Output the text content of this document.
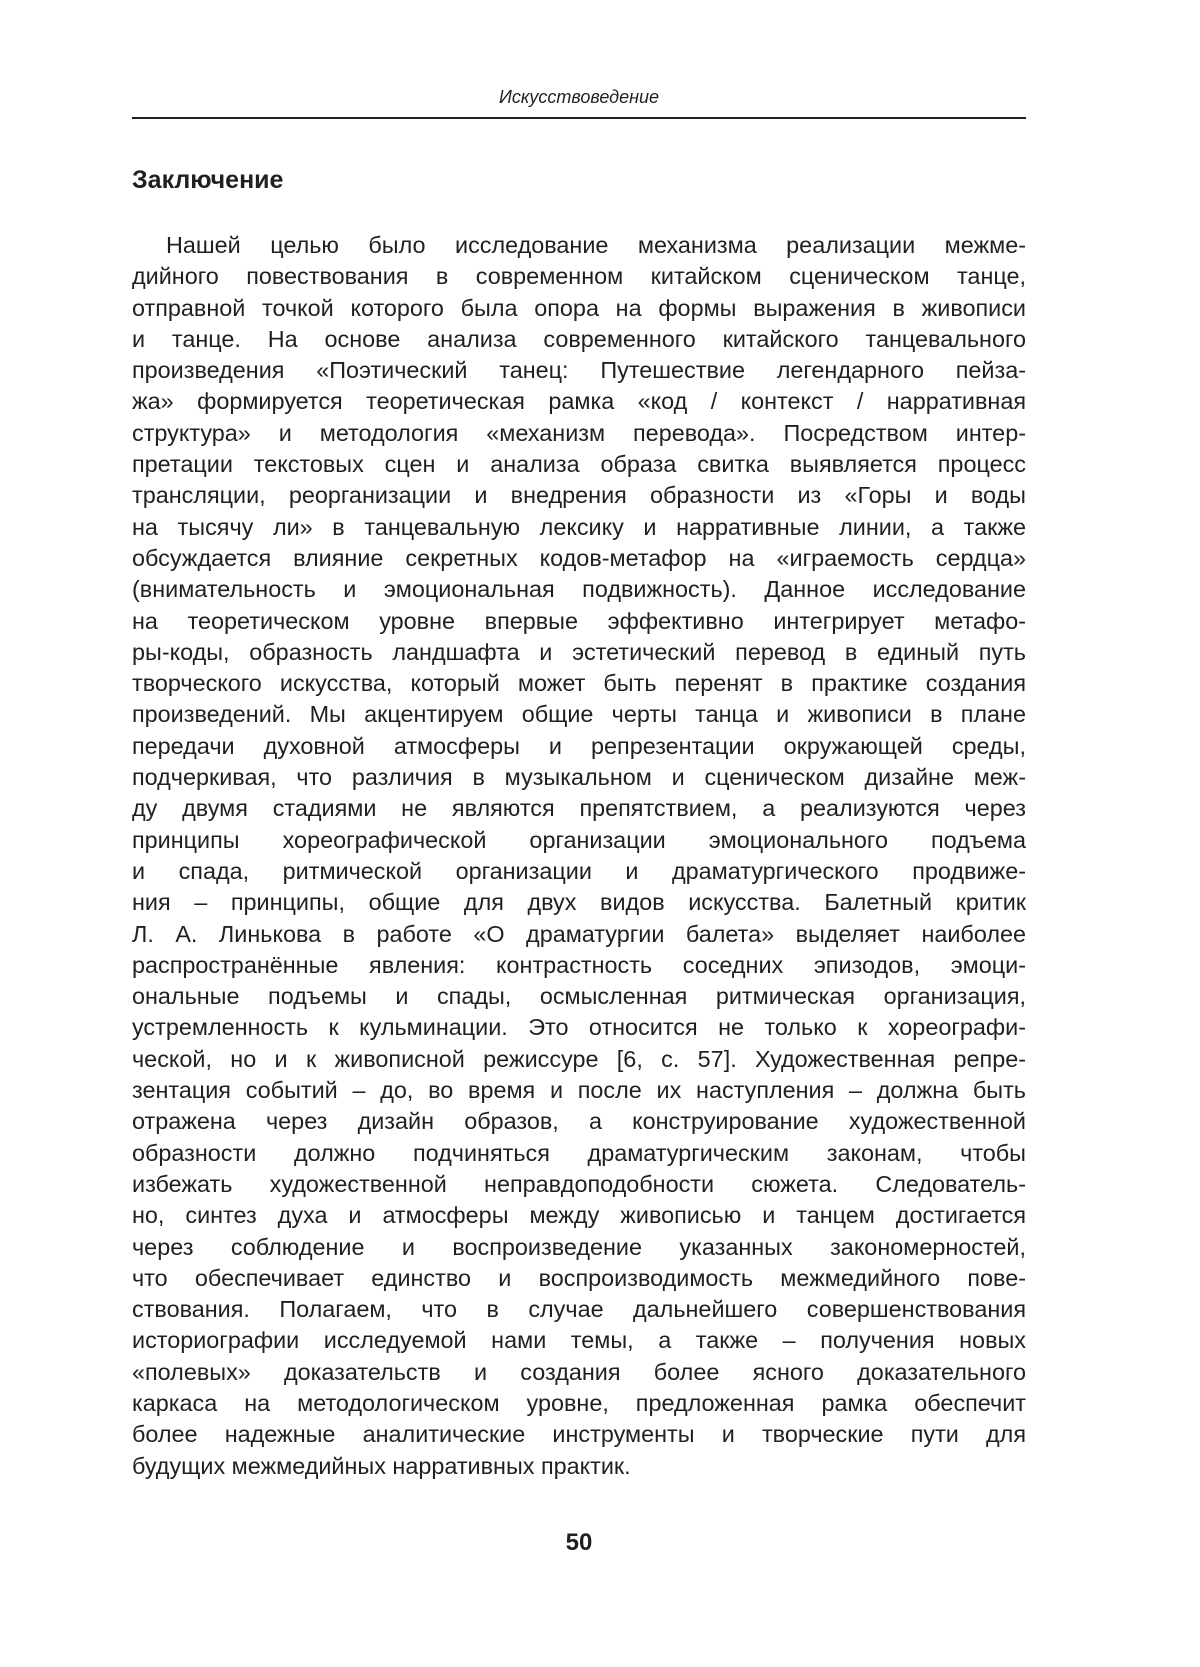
Искусствоведение
Заключение
Нашей целью было исследование механизма реализации межме-
дийного повествования в современном китайском сценическом танце,
отправной точкой которого была опора на формы выражения в живописи
и танце. На основе анализа современного китайского танцевального
произведения «Поэтический танец: Путешествие легендарного пейза-
жа» формируется теоретическая рамка «код / контекст / нарративная
структура» и методология «механизм перевода». Посредством интер-
претации текстовых сцен и анализа образа свитка выявляется процесс
трансляции, реорганизации и внедрения образности из «Горы и воды
на тысячу ли» в танцевальную лексику и нарративные линии, а также
обсуждается влияние секретных кодов-метафор на «играемость сердца»
(внимательность и эмоциональная подвижность). Данное исследование
на теоретическом уровне впервые эффективно интегрирует метафо-
ры-коды, образность ландшафта и эстетический перевод в единый путь
творческого искусства, который может быть перенят в практике создания
произведений. Мы акцентируем общие черты танца и живописи в плане
передачи духовной атмосферы и репрезентации окружающей среды,
подчеркивая, что различия в музыкальном и сценическом дизайне меж-
ду двумя стадиями не являются препятствием, а реализуются через
принципы хореографической организации эмоционального подъема
и спада, ритмической организации и драматургического продвиже-
ния – принципы, общие для двух видов искусства. Балетный критик
Л. А. Линькова в работе «О драматургии балета» выделяет наиболее
распространённые явления: контрастность соседних эпизодов, эмоци-
ональные подъемы и спады, осмысленная ритмическая организация,
устремленность к кульминации. Это относится не только к хореографи-
ческой, но и к живописной режиссуре [6, с. 57]. Художественная репре-
зентация событий – до, во время и после их наступления – должна быть
отражена через дизайн образов, а конструирование художественной
образности должно подчиняться драматургическим законам, чтобы
избежать художественной неправдоподобности сюжета. Следователь-
но, синтез духа и атмосферы между живописью и танцем достигается
через соблюдение и воспроизведение указанных закономерностей,
что обеспечивает единство и воспроизводимость межмедийного пове-
ствования. Полагаем, что в случае дальнейшего совершенствования
историографии исследуемой нами темы, а также – получения новых
«полевых» доказательств и создания более ясного доказательного
каркаса на методологическом уровне, предложенная рамка обеспечит
более надежные аналитические инструменты и творческие пути для
будущих межмедийных нарративных практик.
50
